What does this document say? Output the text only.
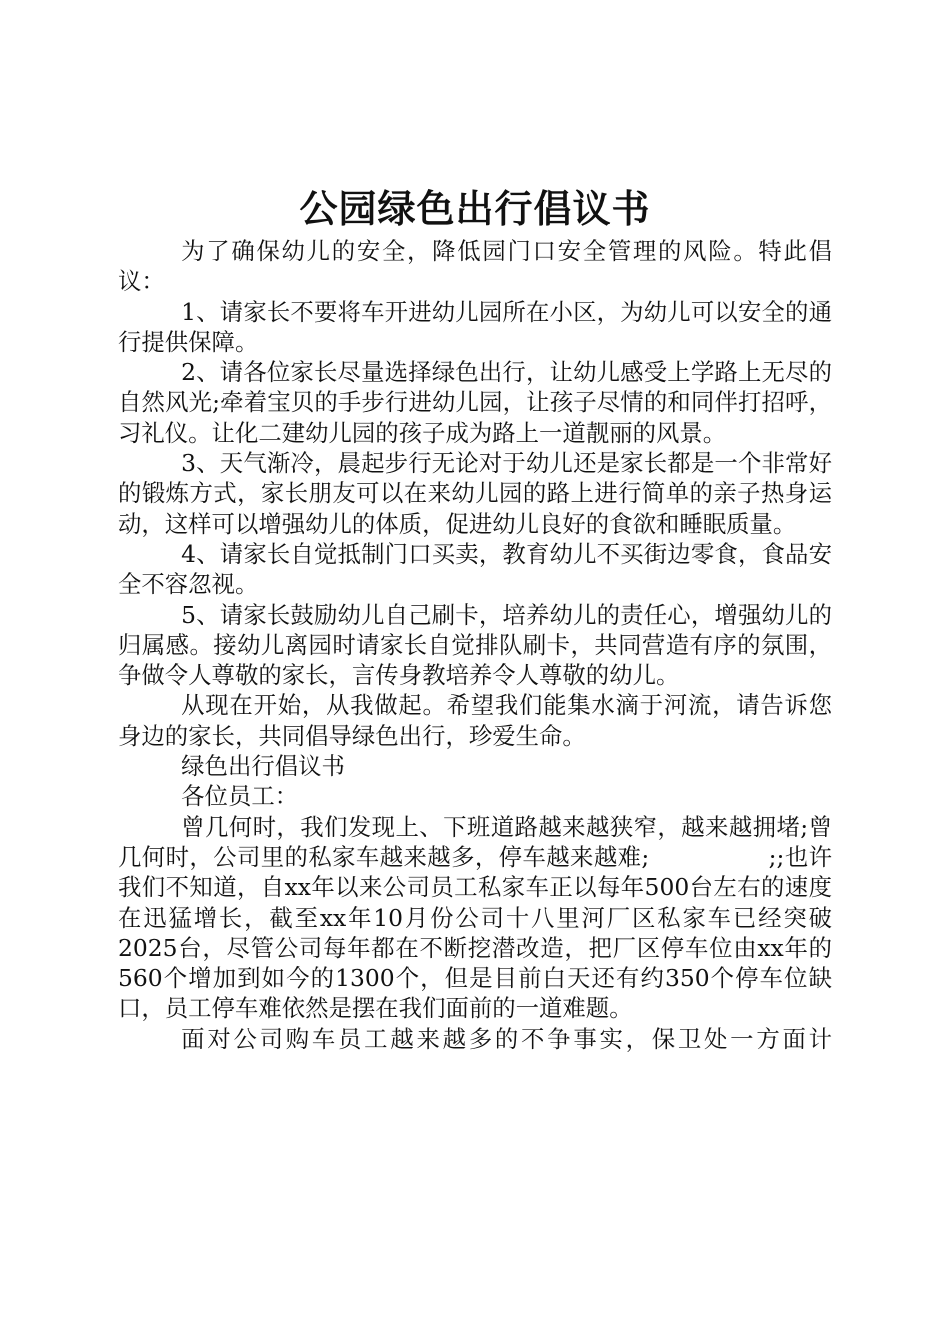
公园绿色出行倡议书

为了确保幼儿的安全，降低园门口安全管理的风险。特此倡议：

1、请家长不要将车开进幼儿园所在小区，为幼儿可以安全的通行提供保障。

2、请各位家长尽量选择绿色出行，让幼儿感受上学路上无尽的自然风光;牵着宝贝的手步行进幼儿园，让孩子尽情的和同伴打招呼，习礼仪。让化二建幼儿园的孩子成为路上一道靓丽的风景。

3、天气渐冷，晨起步行无论对于幼儿还是家长都是一个非常好的锻炼方式，家长朋友可以在来幼儿园的路上进行简单的亲子热身运动，这样可以增强幼儿的体质，促进幼儿良好的食欲和睡眠质量。

4、请家长自觉抵制门口买卖，教育幼儿不买街边零食，食品安全不容忽视。

5、请家长鼓励幼儿自己刷卡，培养幼儿的责任心，增强幼儿的归属感。接幼儿离园时请家长自觉排队刷卡，共同营造有序的氛围，争做令人尊敬的家长，言传身教培养令人尊敬的幼儿。

从现在开始，从我做起。希望我们能集水滴于河流，请告诉您身边的家长，共同倡导绿色出行，珍爱生命。

绿色出行倡议书

各位员工：

曾几何时，我们发现上、下班道路越来越狭窄，越来越拥堵;曾几何时，公司里的私家车越来越多，停车越来越难;　　　　　;;也许我们不知道，自xx年以来公司员工私家车正以每年500台左右的速度在迅猛增长，截至xx年10月份公司十八里河厂区私家车已经突破2025台，尽管公司每年都在不断挖潜改造，把厂区停车位由xx年的560个增加到如今的1300个，但是目前白天还有约350个停车位缺口，员工停车难依然是摆在我们面前的一道难题。

面对公司购车员工越来越多的不争事实，保卫处一方面计
